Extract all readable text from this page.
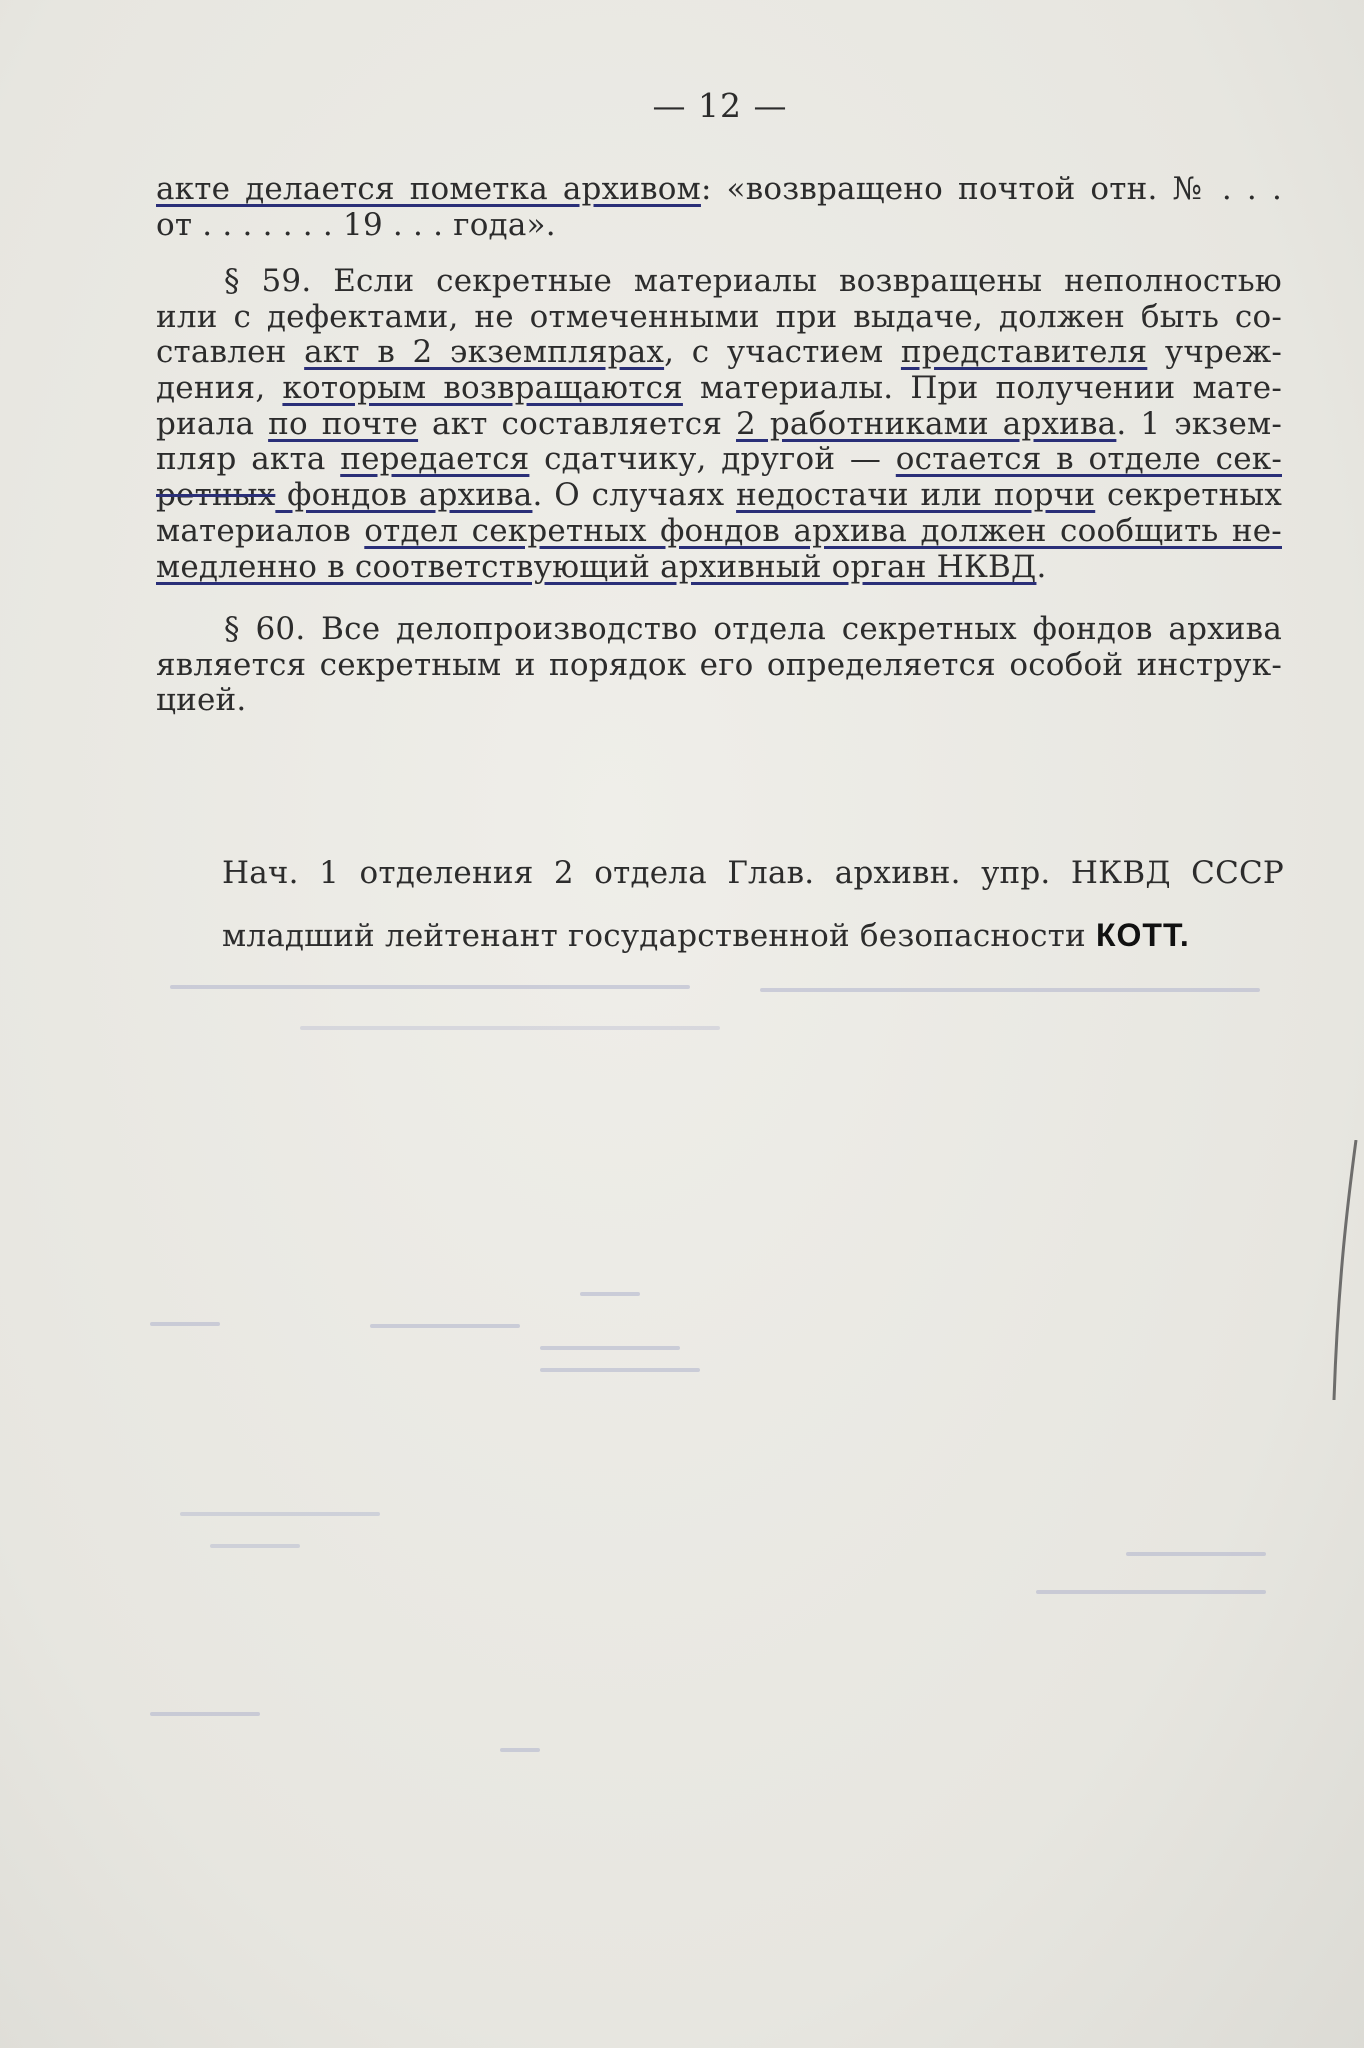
— 12 —
акте делается пометка архивом: «возвращено почтой отн. № . . .
от . . . . . . . 19 . . . года».
§ 59. Если секретные материалы возвращены неполностью
или с дефектами, не отмеченными при выдаче, должен быть со-
ставлен акт в 2 экземплярах, с участием представителя учреж-
дения, которым возвращаются материалы. При получении мате-
риала по почте акт составляется 2 работниками архива. 1 экзем-
пляр акта передается сдатчику, другой — остается в отделе сек-
ретных фондов архива. О случаях недостачи или порчи секретных
материалов отдел секретных фондов архива должен сообщить не-
медленно в соответствующий архивный орган НКВД.
§ 60. Все делопроизводство отдела секретных фондов архива
является секретным и порядок его определяется особой инструк-
цией.
Нач. 1 отделения 2 отдела Глав. архивн. упр. НКВД СССР
младший лейтенант государственной безопасности КОТТ.
